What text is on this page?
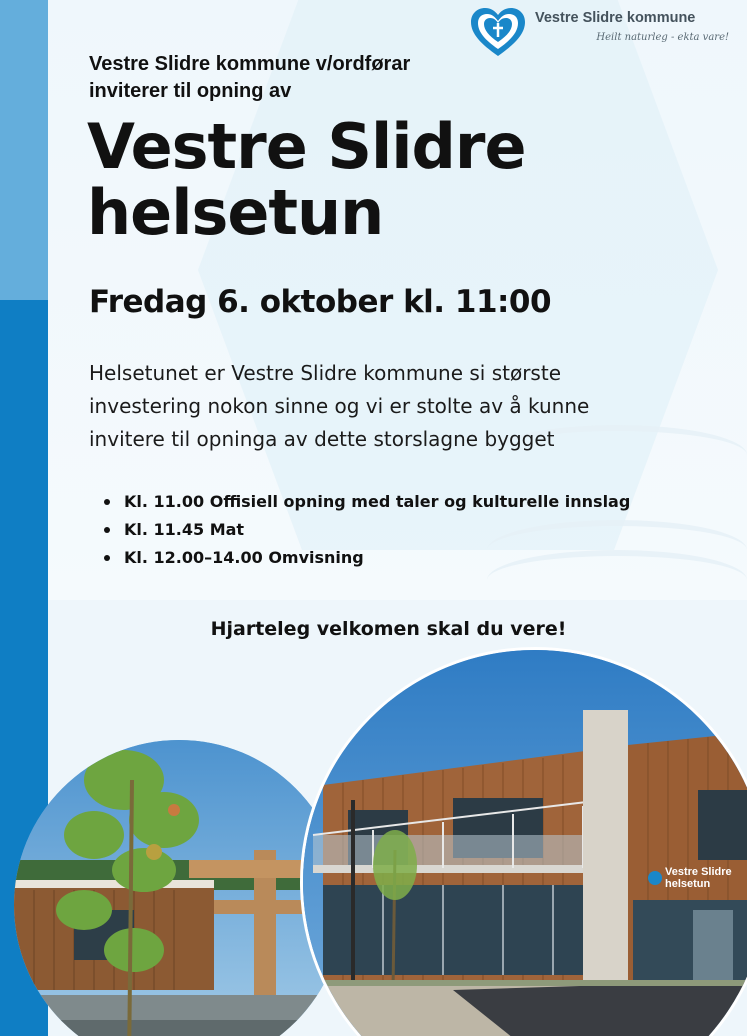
Vestre Slidre kommune
Heilt naturleg - ekta vare!
Vestre Slidre kommune v/ordførar
inviterer til opning av
Vestre Slidre
helsetun
Fredag 6. oktober kl. 11:00
Helsetunet er Vestre Slidre kommune si største
investering nokon sinne og vi er stolte av å kunne
invitere til opninga av dette storslagne bygget
Kl. 11.00 Offisiell opning med taler og kulturelle innslag
Kl. 11.45 Mat
Kl. 12.00–14.00 Omvisning
Hjarteleg velkomen skal du vere!
Vestre Slidre
helsetun
